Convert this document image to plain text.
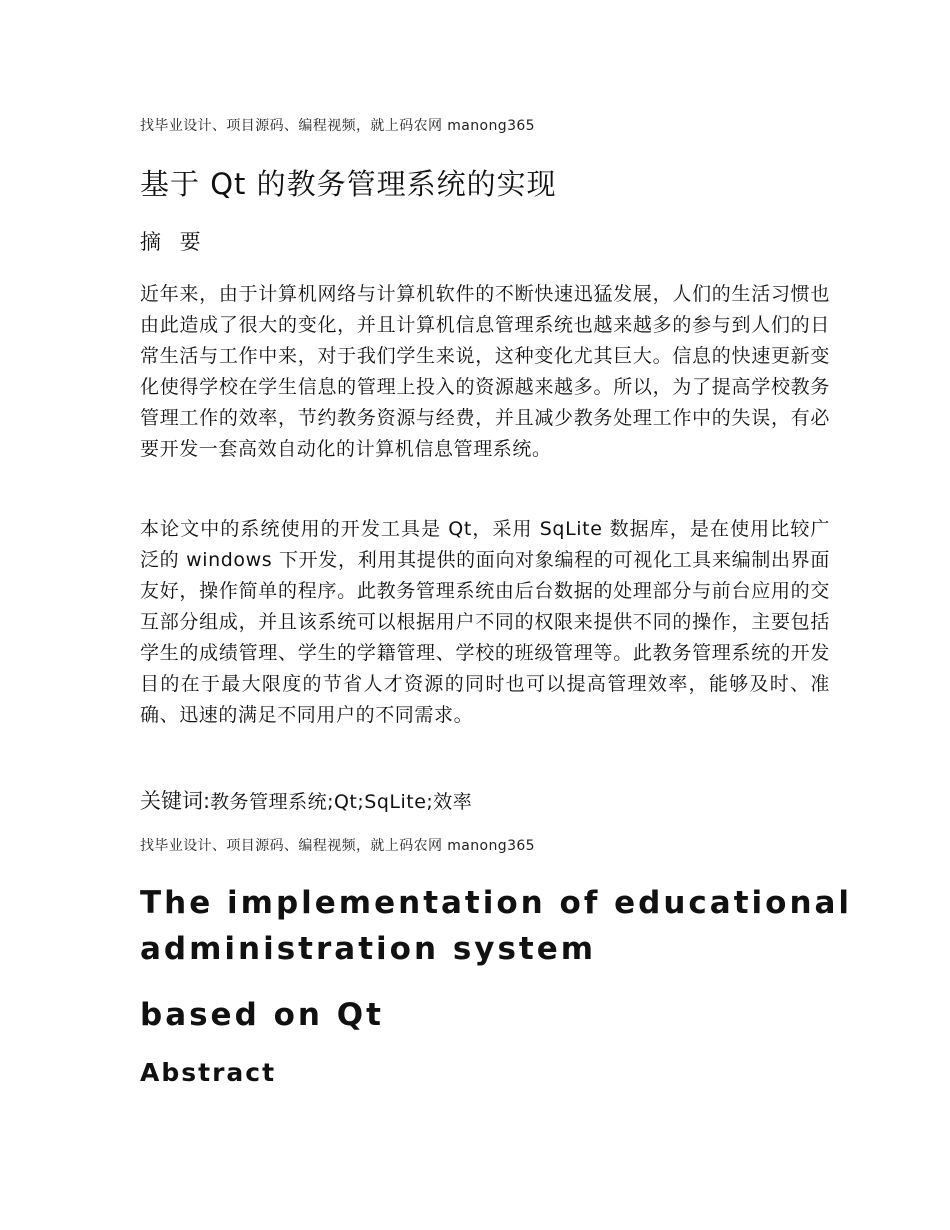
找毕业设计、项目源码、编程视频，就上码农网 manong365
基于 Qt 的教务管理系统的实现
摘 要
近年来，由于计算机网络与计算机软件的不断快速迅猛发展，人们的生活习惯也由此造成了很大的变化，并且计算机信息管理系统也越来越多的参与到人们的日常生活与工作中来，对于我们学生来说，这种变化尤其巨大。信息的快速更新变化使得学校在学生信息的管理上投入的资源越来越多。所以，为了提高学校教务管理工作的效率，节约教务资源与经费，并且减少教务处理工作中的失误，有必要开发一套高效自动化的计算机信息管理系统。
本论文中的系统使用的开发工具是 Qt，采用 SqLite 数据库，是在使用比较广泛的 windows 下开发，利用其提供的面向对象编程的可视化工具来编制出界面友好，操作简单的程序。此教务管理系统由后台数据的处理部分与前台应用的交互部分组成，并且该系统可以根据用户不同的权限来提供不同的操作，主要包括学生的成绩管理、学生的学籍管理、学校的班级管理等。此教务管理系统的开发目的在于最大限度的节省人才资源的同时也可以提高管理效率，能够及时、准确、迅速的满足不同用户的不同需求。
关键词:教务管理系统;Qt;SqLite;效率
找毕业设计、项目源码、编程视频，就上码农网 manong365
The implementation of educational
administration system
based on Qt
Abstract
